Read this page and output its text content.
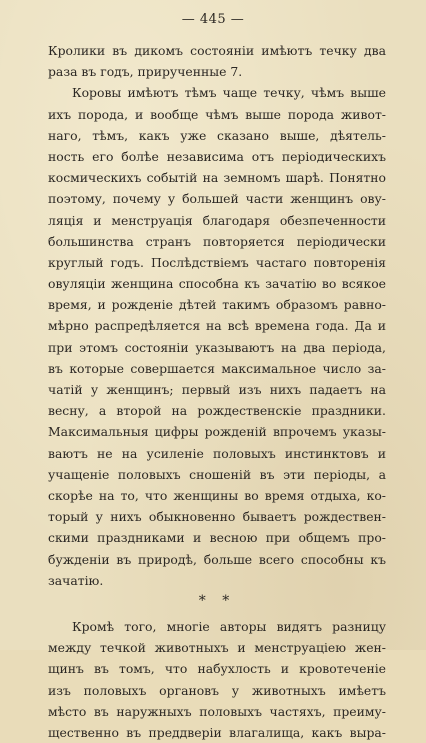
— 445 —
Кролики въ дикомъ состоянiи имѣютъ течку два
раза въ годъ, прирученные 7.
Коровы имѣютъ тѣмъ чаще течку, чѣмъ выше
ихъ порода, и вообще чѣмъ выше порода живот-
наго, тѣмъ, какъ уже сказано выше, дѣятель-
ность его болѣе независима отъ перiодическихъ
космическихъ событiй на земномъ шарѣ. Понятно
поэтому, почему у большей части женщинъ ову-
ляцiя и менструацiя благодаря обезпеченности
большинства странъ повторяется перiодически
круглый годъ. Послѣдствiемъ частаго повторенiя
овуляцiи женщина способна къ зачатiю во всякое
время, и рожденiе дѣтей такимъ образомъ равно-
мѣрно распредѣляется на всѣ времена года. Да и
при этомъ состоянiи указываютъ на два перiода,
въ которые совершается максимальное число за-
чатiй у женщинъ; первый изъ нихъ падаетъ на
весну, а второй на рождественскiе праздники.
Максимальныя цифры рожденiй впрочемъ указы-
ваютъ не на усиленiе половыхъ инстинктовъ и
учащенiе половыхъ сношенiй въ эти перiоды, а
скорѣе на то, что женщины во время отдыха, ко-
торый у нихъ обыкновенно бываетъ рождествен-
скими праздниками и весною при общемъ про-
бужденiи въ природѣ, больше всего способны къ
зачатiю.
* *
Кромѣ того, многiе авторы видятъ разницу
между течкой животныхъ и менструацiею жен-
щинъ въ томъ, что набухлость и кровотеченiе
изъ половыхъ органовъ у животныхъ имѣетъ
мѣсто въ наружныхъ половыхъ частяхъ, преиму-
щественно въ преддверiи влагалища, какъ выра-
